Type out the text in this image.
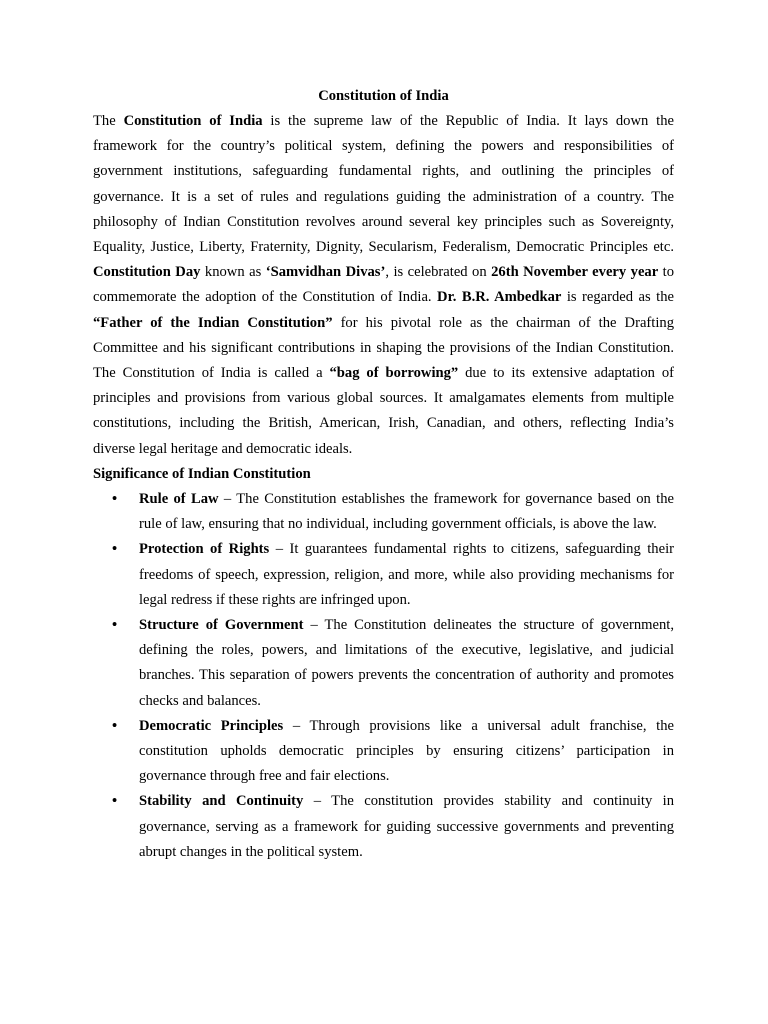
Constitution of India

The Constitution of India is the supreme law of the Republic of India. It lays down the framework for the country’s political system, defining the powers and responsibilities of government institutions, safeguarding fundamental rights, and outlining the principles of governance. It is a set of rules and regulations guiding the administration of a country. The philosophy of Indian Constitution revolves around several key principles such as Sovereignty, Equality, Justice, Liberty, Fraternity, Dignity, Secularism, Federalism, Democratic Principles etc. Constitution Day known as ‘Samvidhan Divas’, is celebrated on 26th November every year to commemorate the adoption of the Constitution of India. Dr. B.R. Ambedkar is regarded as the “Father of the Indian Constitution” for his pivotal role as the chairman of the Drafting Committee and his significant contributions in shaping the provisions of the Indian Constitution. The Constitution of India is called a “bag of borrowing” due to its extensive adaptation of principles and provisions from various global sources. It amalgamates elements from multiple constitutions, including the British, American, Irish, Canadian, and others, reflecting India’s diverse legal heritage and democratic ideals.

Significance of Indian Constitution

• Rule of Law – The Constitution establishes the framework for governance based on the rule of law, ensuring that no individual, including government officials, is above the law.
• Protection of Rights – It guarantees fundamental rights to citizens, safeguarding their freedoms of speech, expression, religion, and more, while also providing mechanisms for legal redress if these rights are infringed upon.
• Structure of Government – The Constitution delineates the structure of government, defining the roles, powers, and limitations of the executive, legislative, and judicial branches. This separation of powers prevents the concentration of authority and promotes checks and balances.
• Democratic Principles – Through provisions like a universal adult franchise, the constitution upholds democratic principles by ensuring citizens’ participation in governance through free and fair elections.
• Stability and Continuity – The constitution provides stability and continuity in governance, serving as a framework for guiding successive governments and preventing abrupt changes in the political system.
